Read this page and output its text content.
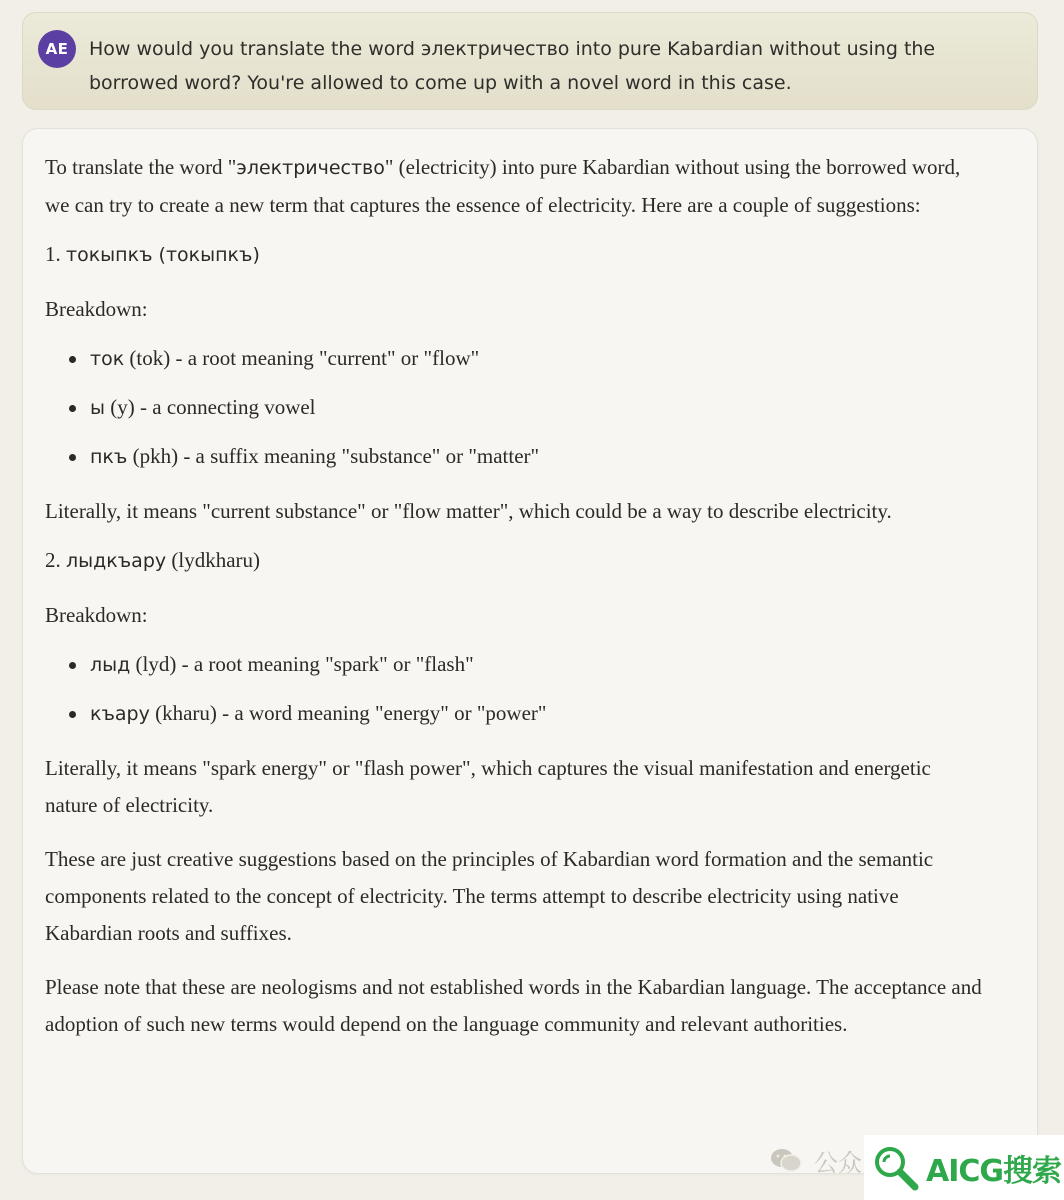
AE	How would you translate the word электричество into pure Kabardian without using the borrowed word? You're allowed to come up with a novel word in this case.

To translate the word "электричество" (electricity) into pure Kabardian without using the borrowed word, we can try to create a new term that captures the essence of electricity. Here are a couple of suggestions:

1. токыпкъ (токыпкъ)

Breakdown:

ток (tok) - a root meaning "current" or "flow"

ы (y) - a connecting vowel

пкъ (pkh) - a suffix meaning "substance" or "matter"

Literally, it means "current substance" or "flow matter", which could be a way to describe electricity.

2. лыдкъару (lydkharu)

Breakdown:

лыд (lyd) - a root meaning "spark" or "flash"

къару (kharu) - a word meaning "energy" or "power"

Literally, it means "spark energy" or "flash power", which captures the visual manifestation and energetic nature of electricity.

These are just creative suggestions based on the principles of Kabardian word formation and the semantic components related to the concept of electricity. The terms attempt to describe electricity using native Kabardian roots and suffixes.

Please note that these are neologisms and not established words in the Kabardian language. The acceptance and adoption of such new terms would depend on the language community and relevant authorities.

公众 AICG搜索
